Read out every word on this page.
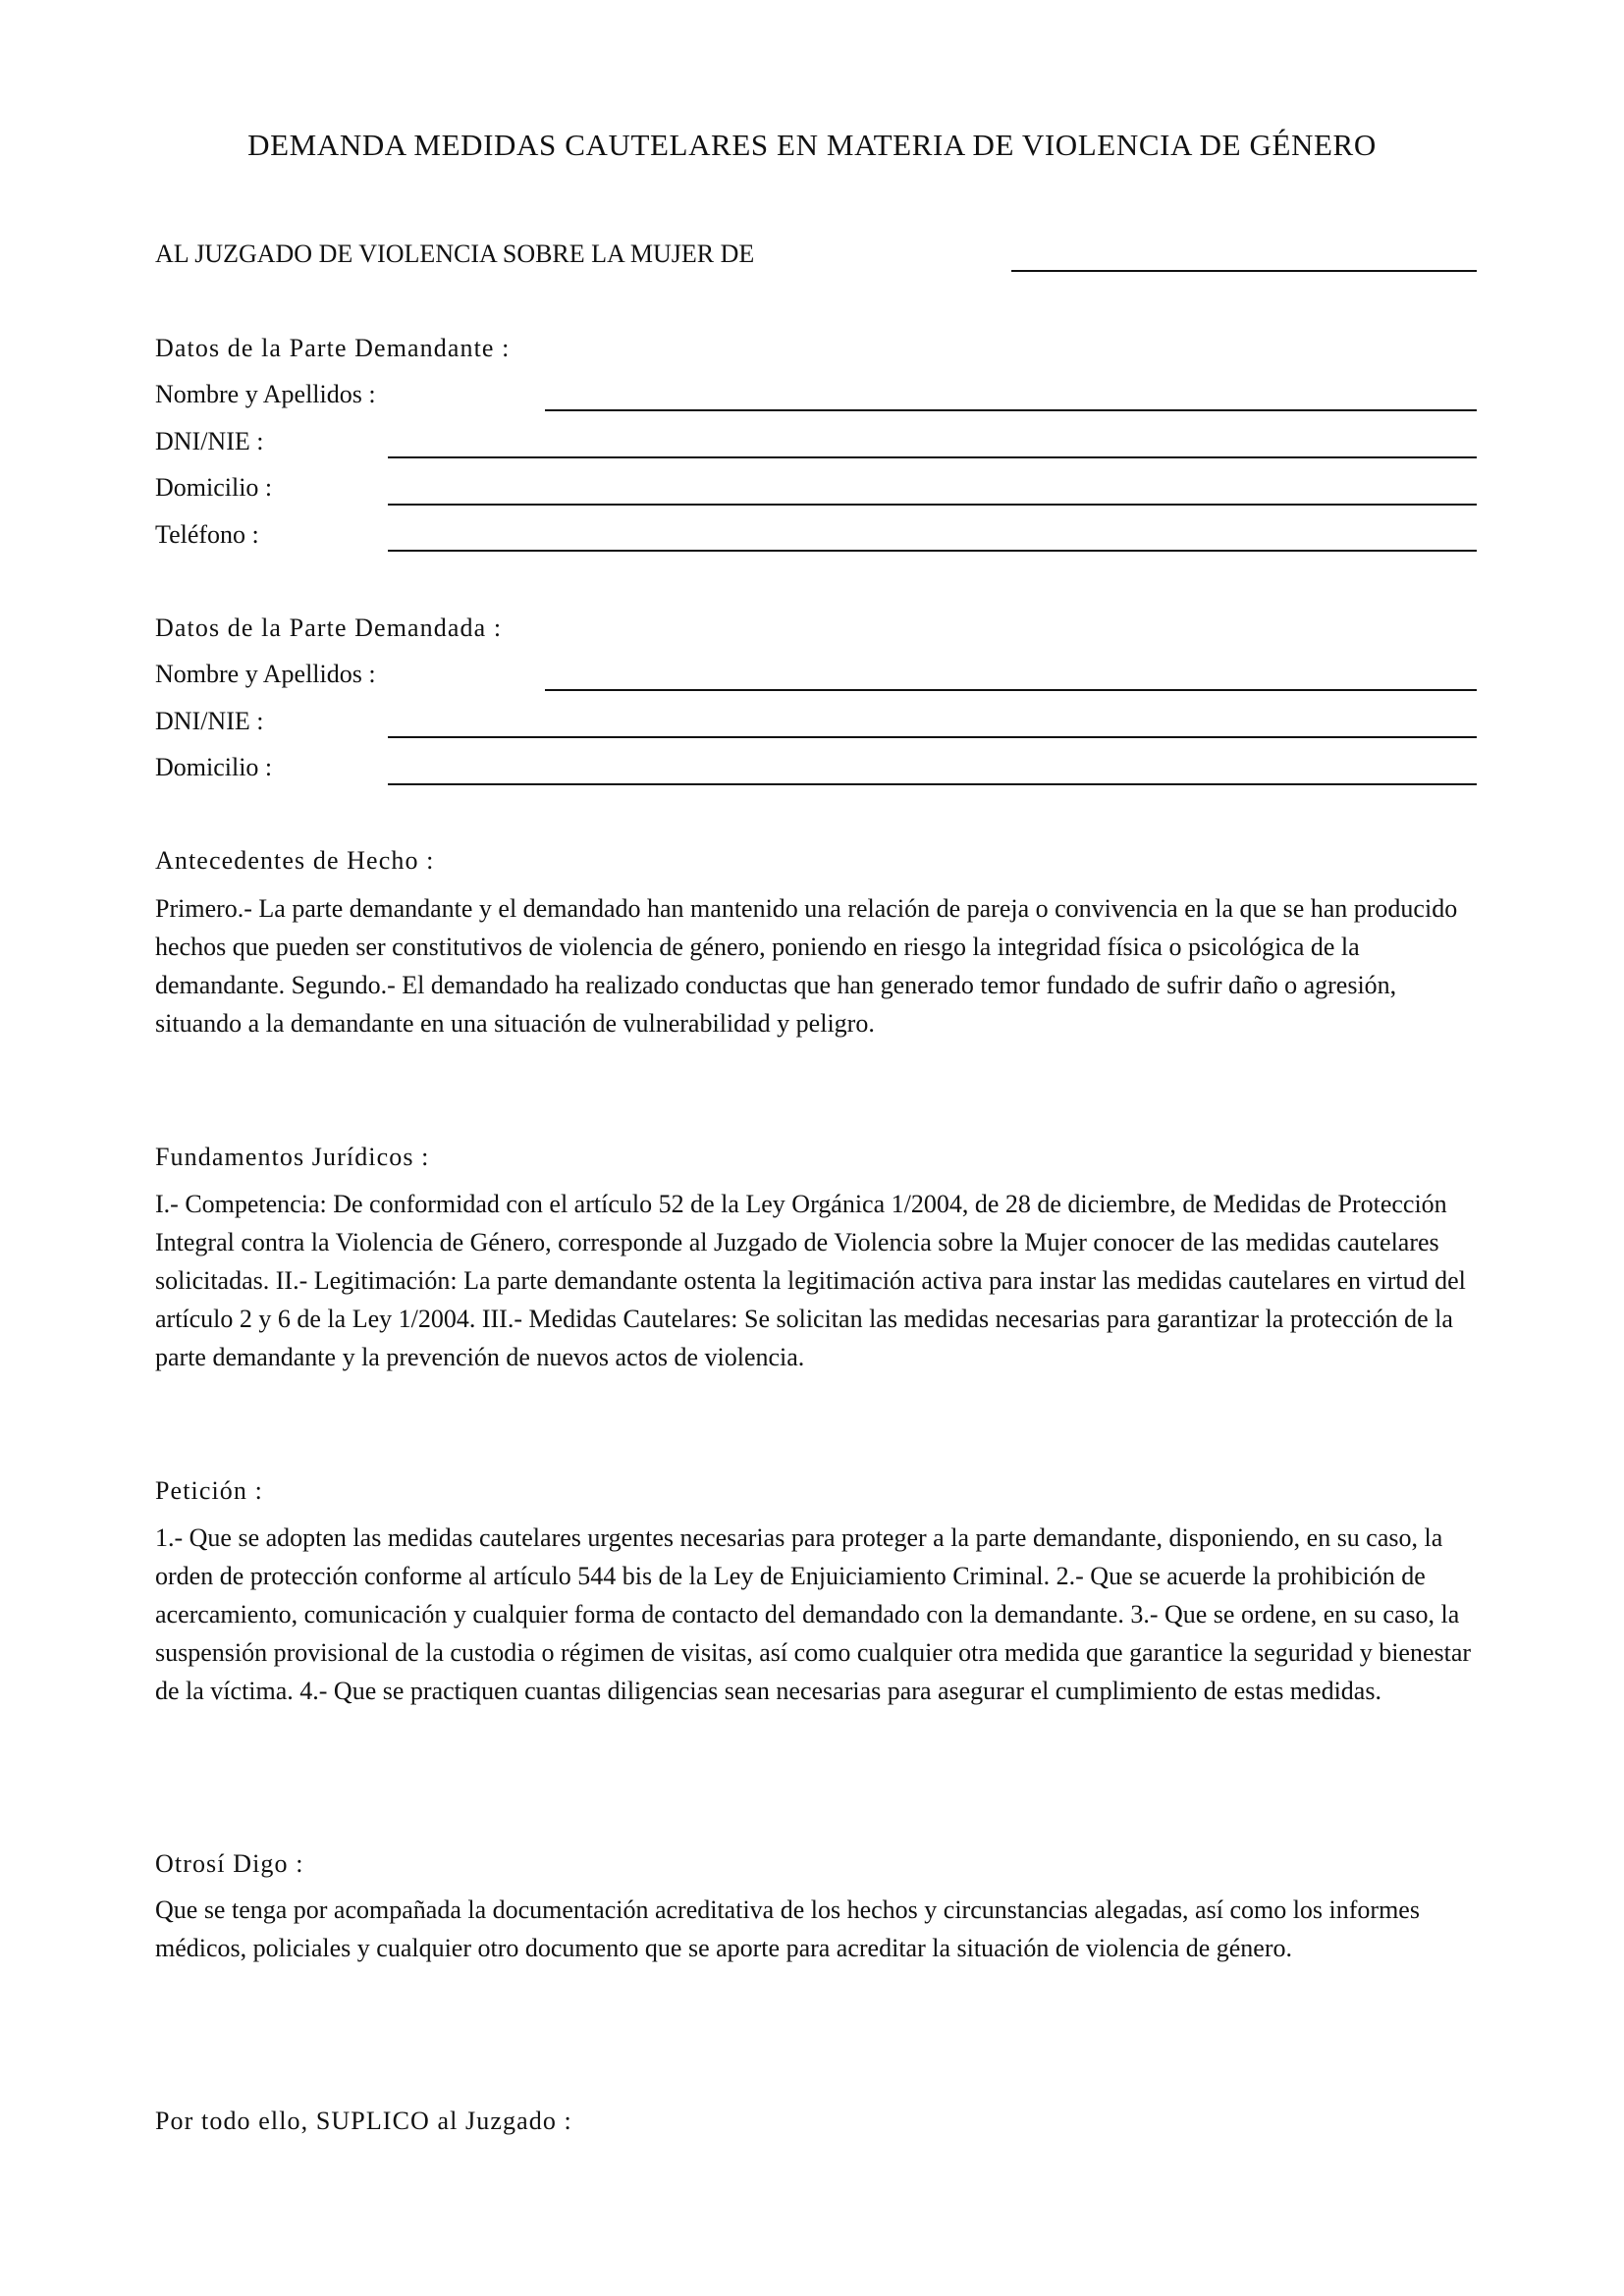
DEMANDA MEDIDAS CAUTELARES EN MATERIA DE VIOLENCIA DE GÉNERO
AL JUZGADO DE VIOLENCIA SOBRE LA MUJER DE
Datos de la Parte Demandante :
Nombre y Apellidos :
DNI/NIE :
Domicilio :
Teléfono :
Datos de la Parte Demandada :
Nombre y Apellidos :
DNI/NIE :
Domicilio :
Antecedentes de Hecho :
Primero.- La parte demandante y el demandado han mantenido una relación de pareja o convivencia en la que se han producido hechos que pueden ser constitutivos de violencia de género, poniendo en riesgo la integridad física o psicológica de la demandante. Segundo.- El demandado ha realizado conductas que han generado temor fundado de sufrir daño o agresión, situando a la demandante en una situación de vulnerabilidad y peligro.
Fundamentos Jurídicos :
I.- Competencia: De conformidad con el artículo 52 de la Ley Orgánica 1/2004, de 28 de diciembre, de Medidas de Protección Integral contra la Violencia de Género, corresponde al Juzgado de Violencia sobre la Mujer conocer de las medidas cautelares solicitadas. II.- Legitimación: La parte demandante ostenta la legitimación activa para instar las medidas cautelares en virtud del artículo 2 y 6 de la Ley 1/2004. III.- Medidas Cautelares: Se solicitan las medidas necesarias para garantizar la protección de la parte demandante y la prevención de nuevos actos de violencia.
Petición :
1.- Que se adopten las medidas cautelares urgentes necesarias para proteger a la parte demandante, disponiendo, en su caso, la orden de protección conforme al artículo 544 bis de la Ley de Enjuiciamiento Criminal. 2.- Que se acuerde la prohibición de acercamiento, comunicación y cualquier forma de contacto del demandado con la demandante. 3.- Que se ordene, en su caso, la suspensión provisional de la custodia o régimen de visitas, así como cualquier otra medida que garantice la seguridad y bienestar de la víctima. 4.- Que se practiquen cuantas diligencias sean necesarias para asegurar el cumplimiento de estas medidas.
Otrosí Digo :
Que se tenga por acompañada la documentación acreditativa de los hechos y circunstancias alegadas, así como los informes médicos, policiales y cualquier otro documento que se aporte para acreditar la situación de violencia de género.
Por todo ello, SUPLICO al Juzgado :
